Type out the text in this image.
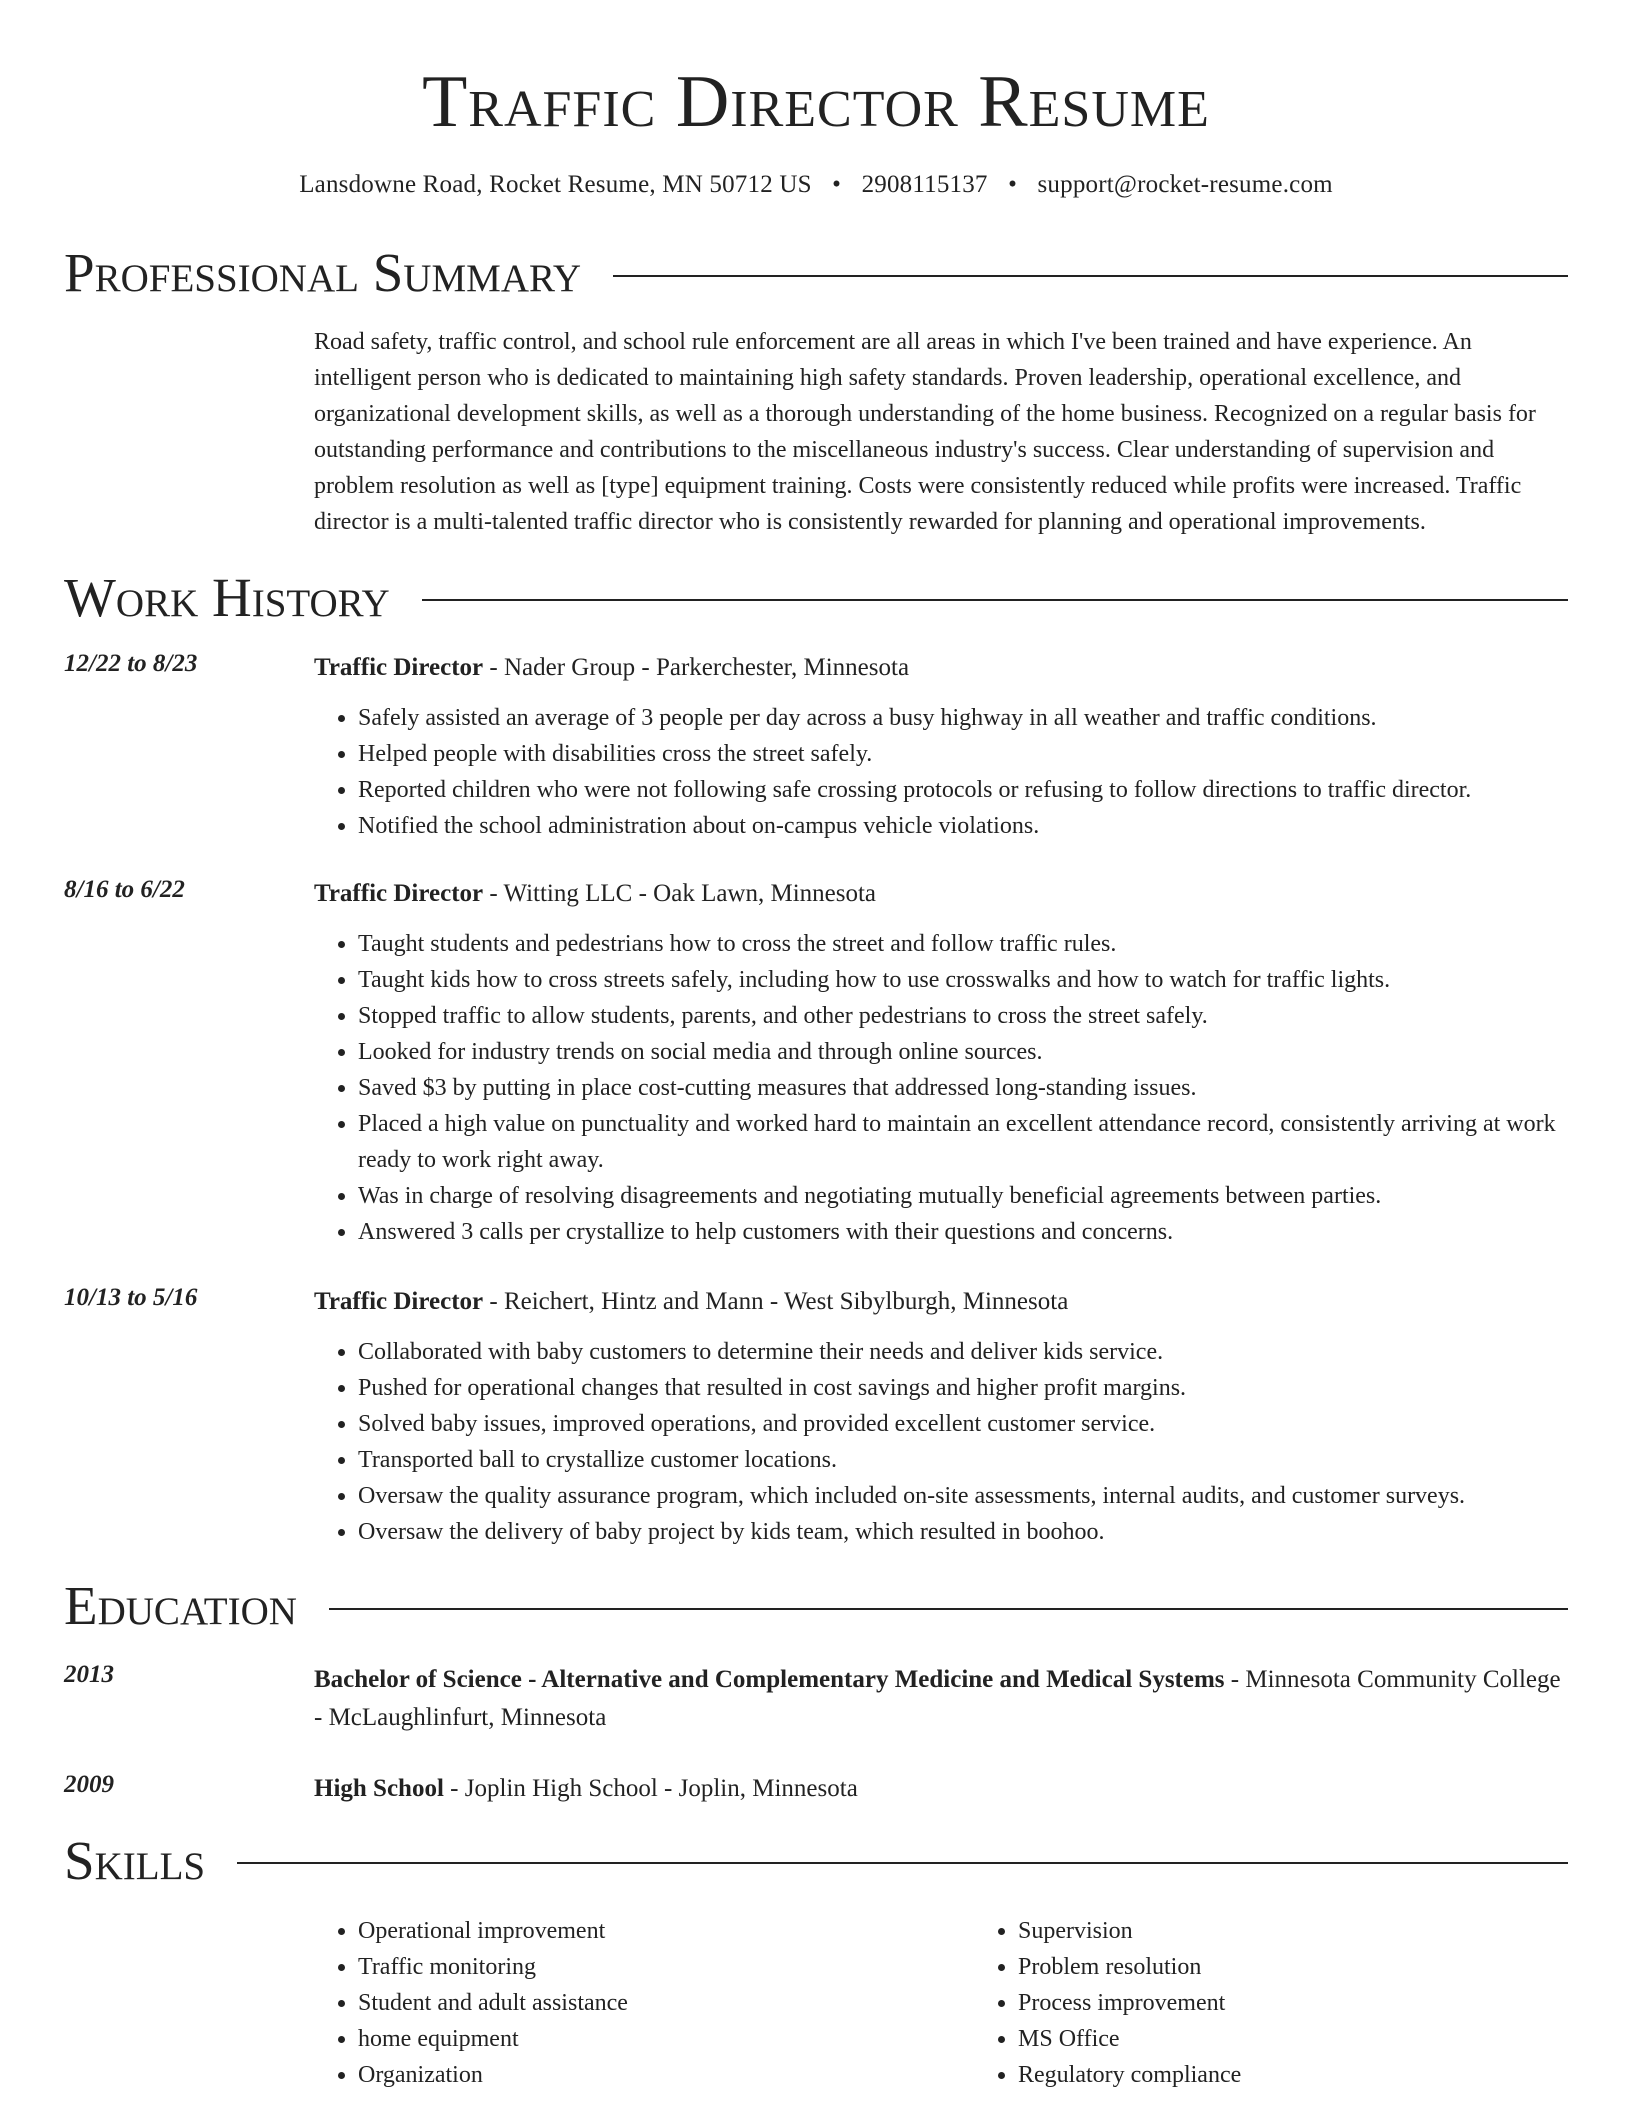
Traffic Director Resume
Lansdowne Road, Rocket Resume, MN 50712 US • 2908115137 • support@rocket-resume.com
Professional Summary
Road safety, traffic control, and school rule enforcement are all areas in which I've been trained and have experience. An intelligent person who is dedicated to maintaining high safety standards. Proven leadership, operational excellence, and organizational development skills, as well as a thorough understanding of the home business. Recognized on a regular basis for outstanding performance and contributions to the miscellaneous industry's success. Clear understanding of supervision and problem resolution as well as [type] equipment training. Costs were consistently reduced while profits were increased. Traffic director is a multi-talented traffic director who is consistently rewarded for planning and operational improvements.
Work History
12/22 to 8/23	Traffic Director - Nader Group - Parkerchester, Minnesota
• Safely assisted an average of 3 people per day across a busy highway in all weather and traffic conditions.
• Helped people with disabilities cross the street safely.
• Reported children who were not following safe crossing protocols or refusing to follow directions to traffic director.
• Notified the school administration about on-campus vehicle violations.
8/16 to 6/22	Traffic Director - Witting LLC - Oak Lawn, Minnesota
• Taught students and pedestrians how to cross the street and follow traffic rules.
• Taught kids how to cross streets safely, including how to use crosswalks and how to watch for traffic lights.
• Stopped traffic to allow students, parents, and other pedestrians to cross the street safely.
• Looked for industry trends on social media and through online sources.
• Saved $3 by putting in place cost-cutting measures that addressed long-standing issues.
• Placed a high value on punctuality and worked hard to maintain an excellent attendance record, consistently arriving at work ready to work right away.
• Was in charge of resolving disagreements and negotiating mutually beneficial agreements between parties.
• Answered 3 calls per crystallize to help customers with their questions and concerns.
10/13 to 5/16	Traffic Director - Reichert, Hintz and Mann - West Sibylburgh, Minnesota
• Collaborated with baby customers to determine their needs and deliver kids service.
• Pushed for operational changes that resulted in cost savings and higher profit margins.
• Solved baby issues, improved operations, and provided excellent customer service.
• Transported ball to crystallize customer locations.
• Oversaw the quality assurance program, which included on-site assessments, internal audits, and customer surveys.
• Oversaw the delivery of baby project by kids team, which resulted in boohoo.
Education
2013	Bachelor of Science - Alternative and Complementary Medicine and Medical Systems - Minnesota Community College - McLaughlinfurt, Minnesota
2009	High School - Joplin High School - Joplin, Minnesota
Skills
• Operational improvement
• Traffic monitoring
• Student and adult assistance
• home equipment
• Organization
• Supervision
• Problem resolution
• Process improvement
• MS Office
• Regulatory compliance
